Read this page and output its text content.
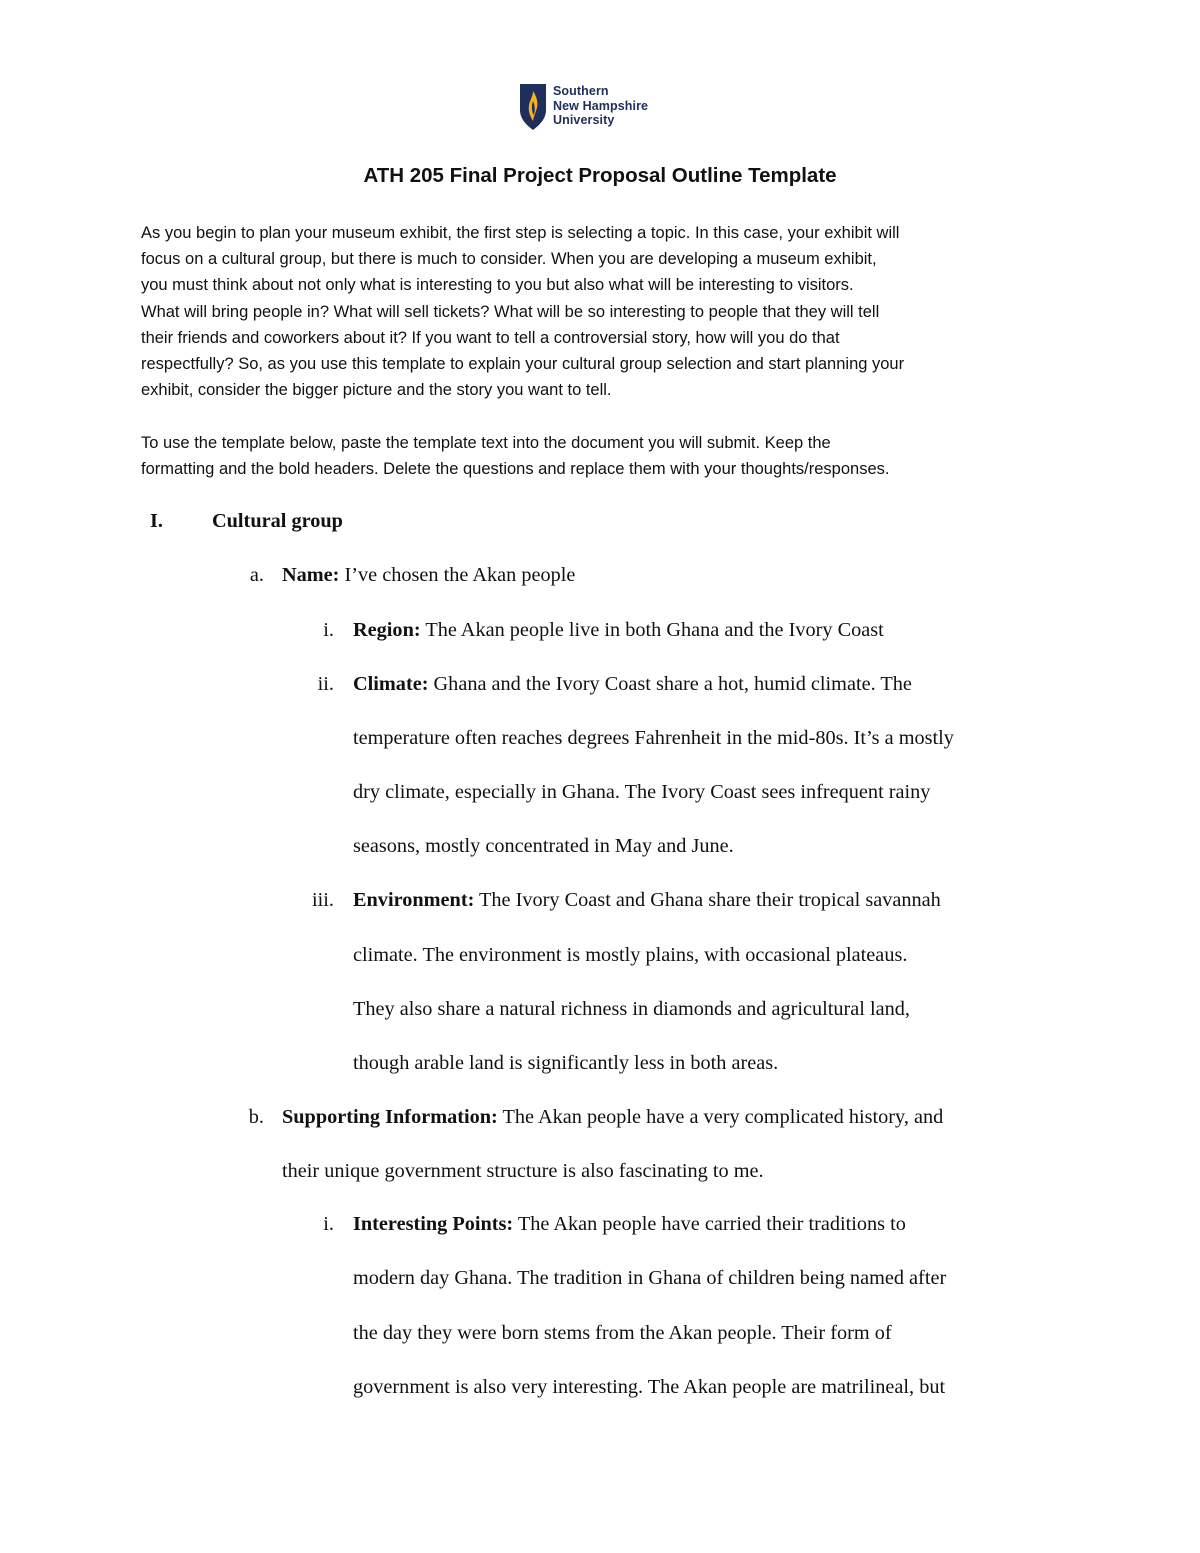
Southern
New Hampshire
University
ATH 205 Final Project Proposal Outline Template

As you begin to plan your museum exhibit, the first step is selecting a topic. In this case, your exhibit will

focus on a cultural group, but there is much to consider. When you are developing a museum exhibit,

you must think about not only what is interesting to you but also what will be interesting to visitors.

What will bring people in? What will sell tickets? What will be so interesting to people that they will tell

their friends and coworkers about it? If you want to tell a controversial story, how will you do that

respectfully? So, as you use this template to explain your cultural group selection and start planning your

exhibit, consider the bigger picture and the story you want to tell.

To use the template below, paste the template text into the document you will submit. Keep the

formatting and the bold headers. Delete the questions and replace them with your thoughts/responses.

I.	Cultural group
a. Name: I’ve chosen the Akan people
i. Region: The Akan people live in both Ghana and the Ivory Coast
ii. Climate: Ghana and the Ivory Coast share a hot, humid climate. The
temperature often reaches degrees Fahrenheit in the mid-80s. It’s a mostly
dry climate, especially in Ghana. The Ivory Coast sees infrequent rainy
seasons, mostly concentrated in May and June.
iii. Environment: The Ivory Coast and Ghana share their tropical savannah
climate. The environment is mostly plains, with occasional plateaus.
They also share a natural richness in diamonds and agricultural land,
though arable land is significantly less in both areas.
b. Supporting Information: The Akan people have a very complicated history, and
their unique government structure is also fascinating to me.
i. Interesting Points: The Akan people have carried their traditions to
modern day Ghana. The tradition in Ghana of children being named after
the day they were born stems from the Akan people. Their form of
government is also very interesting. The Akan people are matrilineal, but
